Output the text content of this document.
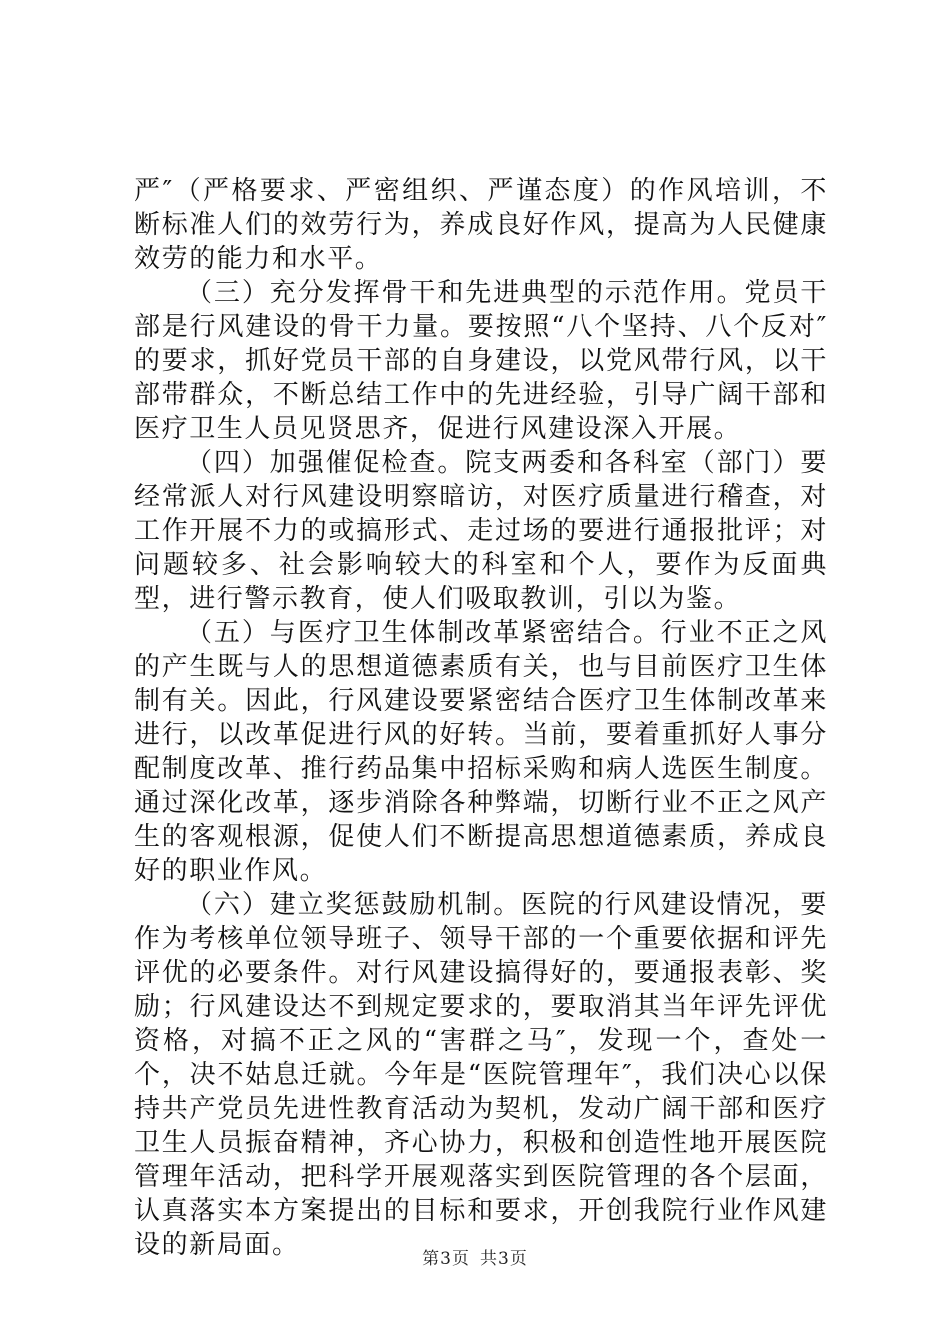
严″（严格要求、严密组织、严谨态度）的作风培训，不断标准人们的效劳行为，养成良好作风，提高为人民健康效劳的能力和水平。

（三）充分发挥骨干和先进典型的示范作用。党员干部是行风建设的骨干力量。要按照“八个坚持、八个反对″的要求，抓好党员干部的自身建设，以党风带行风，以干部带群众，不断总结工作中的先进经验，引导广阔干部和医疗卫生人员见贤思齐，促进行风建设深入开展。

（四）加强催促检查。院支两委和各科室（部门）要经常派人对行风建设明察暗访，对医疗质量进行稽查，对工作开展不力的或搞形式、走过场的要进行通报批评；对问题较多、社会影响较大的科室和个人，要作为反面典型，进行警示教育，使人们吸取教训，引以为鉴。

（五）与医疗卫生体制改革紧密结合。行业不正之风的产生既与人的思想道德素质有关，也与目前医疗卫生体制有关。因此，行风建设要紧密结合医疗卫生体制改革来进行，以改革促进行风的好转。当前，要着重抓好人事分配制度改革、推行药品集中招标采购和病人选医生制度。通过深化改革，逐步消除各种弊端，切断行业不正之风产生的客观根源，促使人们不断提高思想道德素质，养成良好的职业作风。

（六）建立奖惩鼓励机制。医院的行风建设情况，要作为考核单位领导班子、领导干部的一个重要依据和评先评优的必要条件。对行风建设搞得好的，要通报表彰、奖励；行风建设达不到规定要求的，要取消其当年评先评优资格，对搞不正之风的“害群之马″，发现一个，查处一个，决不姑息迁就。今年是“医院管理年″，我们决心以保持共产党员先进性教育活动为契机，发动广阔干部和医疗卫生人员振奋精神，齐心协力，积极和创造性地开展医院管理年活动，把科学开展观落实到医院管理的各个层面，认真落实本方案提出的目标和要求，开创我院行业作风建设的新局面。	第3页 共3页
